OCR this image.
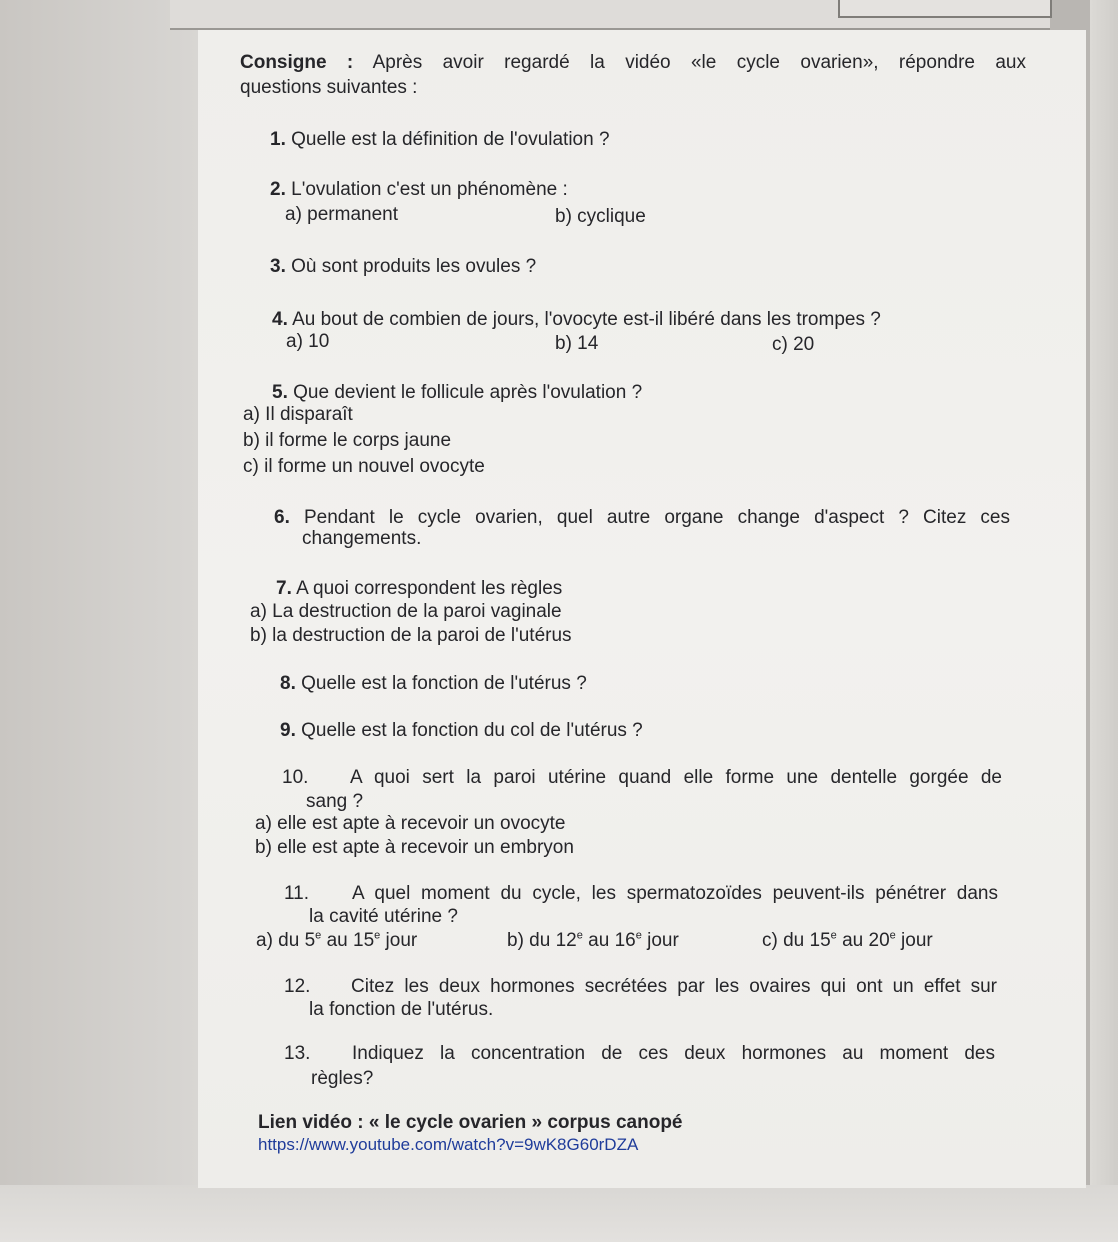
Consigne : Après avoir regardé la vidéo «le cycle ovarien», répondre aux
questions suivantes :
1. Quelle est la définition de l'ovulation ?
2. L'ovulation c'est un phénomène :
a) permanent	b) cyclique
3. Où sont produits les ovules ?
4. Au bout de combien de jours, l'ovocyte est-il libéré dans les trompes ?
a) 10	b) 14	c) 20
5. Que devient le follicule après l'ovulation ?
a) Il disparaît
b) il forme le corps jaune
c) il forme un nouvel ovocyte
6. Pendant le cycle ovarien, quel autre organe change d'aspect ? Citez ces
changements.
7. A quoi correspondent les règles
a) La destruction de la paroi vaginale
b) la destruction de la paroi de l'utérus
8. Quelle est la fonction de l'utérus ?
9. Quelle est la fonction du col de l'utérus ?
10.	A quoi sert la paroi utérine quand elle forme une dentelle gorgée de
sang ?
a) elle est apte à recevoir un ovocyte
b) elle est apte à recevoir un embryon
11.	A quel moment du cycle, les spermatozoïdes peuvent-ils pénétrer dans
la cavité utérine ?
a) du 5e au 15e jour	b) du 12e au 16e jour	c) du 15e au 20e jour
12.	Citez les deux hormones secrétées par les ovaires qui ont un effet sur
la fonction de l'utérus.
13.	Indiquez la concentration de ces deux hormones au moment des
règles?
Lien vidéo : « le cycle ovarien » corpus canopé
https://www.youtube.com/watch?v=9wK8G60rDZA
